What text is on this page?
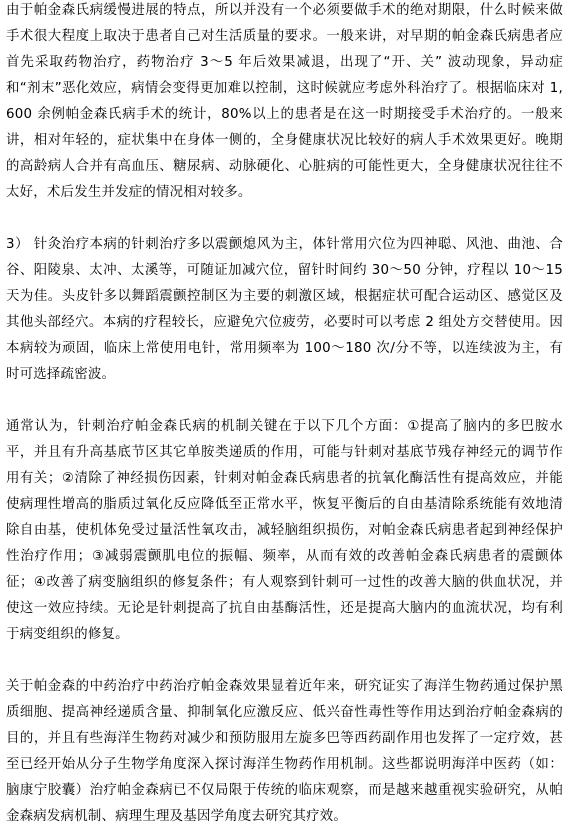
由于帕金森氏病缓慢进展的特点，所以并没有一个必须要做手术的绝对期限，什么时候来做手术很大程度上取决于患者自己对生活质量的要求。一般来讲，对早期的帕金森氏病患者应首先采取药物治疗，药物治疗 3～5 年后效果减退，出现了“开、关” 波动现象，异动症和“剂末”恶化效应，病情会变得更加难以控制，这时候就应考虑外科治疗了。根据临床对 1,600 余例帕金森氏病手术的统计，80%以上的患者是在这一时期接受手术治疗的。一般来讲，相对年轻的，症状集中在身体一侧的，全身健康状况比较好的病人手术效果更好。晚期的高龄病人合并有高血压、糖尿病、动脉硬化、心脏病的可能性更大，全身健康状况往往不太好，术后发生并发症的情况相对较多。

3） 针灸治疗本病的针刺治疗多以震颤熄风为主，体针常用穴位为四神聪、风池、曲池、合谷、阳陵泉、太冲、太溪等，可随证加减穴位，留针时间约 30～50 分钟，疗程以 10～15 天为佳。头皮针多以舞蹈震颤控制区为主要的刺激区域，根据症状可配合运动区、感觉区及其他头部经穴。本病的疗程较长，应避免穴位疲劳，必要时可以考虑 2 组处方交替使用。因本病较为顽固，临床上常使用电针，常用频率为 100～180 次/分不等，以连续波为主，有时可选择疏密波。

通常认为，针刺治疗帕金森氏病的机制关键在于以下几个方面：①提高了脑内的多巴胺水平，并且有升高基底节区其它单胺类递质的作用，可能与针刺对基底节残存神经元的调节作用有关；②清除了神经损伤因素，针刺对帕金森氏病患者的抗氧化酶活性有提高效应，并能使病理性增高的脂质过氧化反应降低至正常水平，恢复平衡后的自由基清除系统能有效地清除自由基，使机体免受过量活性氧攻击，减轻脑组织损伤，对帕金森氏病患者起到神经保护性治疗作用；③减弱震颤肌电位的振幅、频率，从而有效的改善帕金森氏病患者的震颤体征；④改善了病变脑组织的修复条件；有人观察到针刺可一过性的改善大脑的供血状况，并使这一效应持续。无论是针刺提高了抗自由基酶活性，还是提高大脑内的血流状况，均有利于病变组织的修复。

关于帕金森的中药治疗中药治疗帕金森效果显着近年来，研究证实了海洋生物药通过保护黑质细胞、提高神经递质含量、抑制氧化应激反应、低兴奋性毒性等作用达到治疗帕金森病的目的，并且有些海洋生物药对减少和预防服用左旋多巴等西药副作用也发挥了一定疗效，甚至已经开始从分子生物学角度深入探讨海洋生物药作用机制。这些都说明海洋中医药（如：脑康宁胶囊）治疗帕金森病已不仅局限于传统的临床观察，而是越来越重视实验研究，从帕金森病发病机制、病理生理及基因学角度去研究其疗效。
